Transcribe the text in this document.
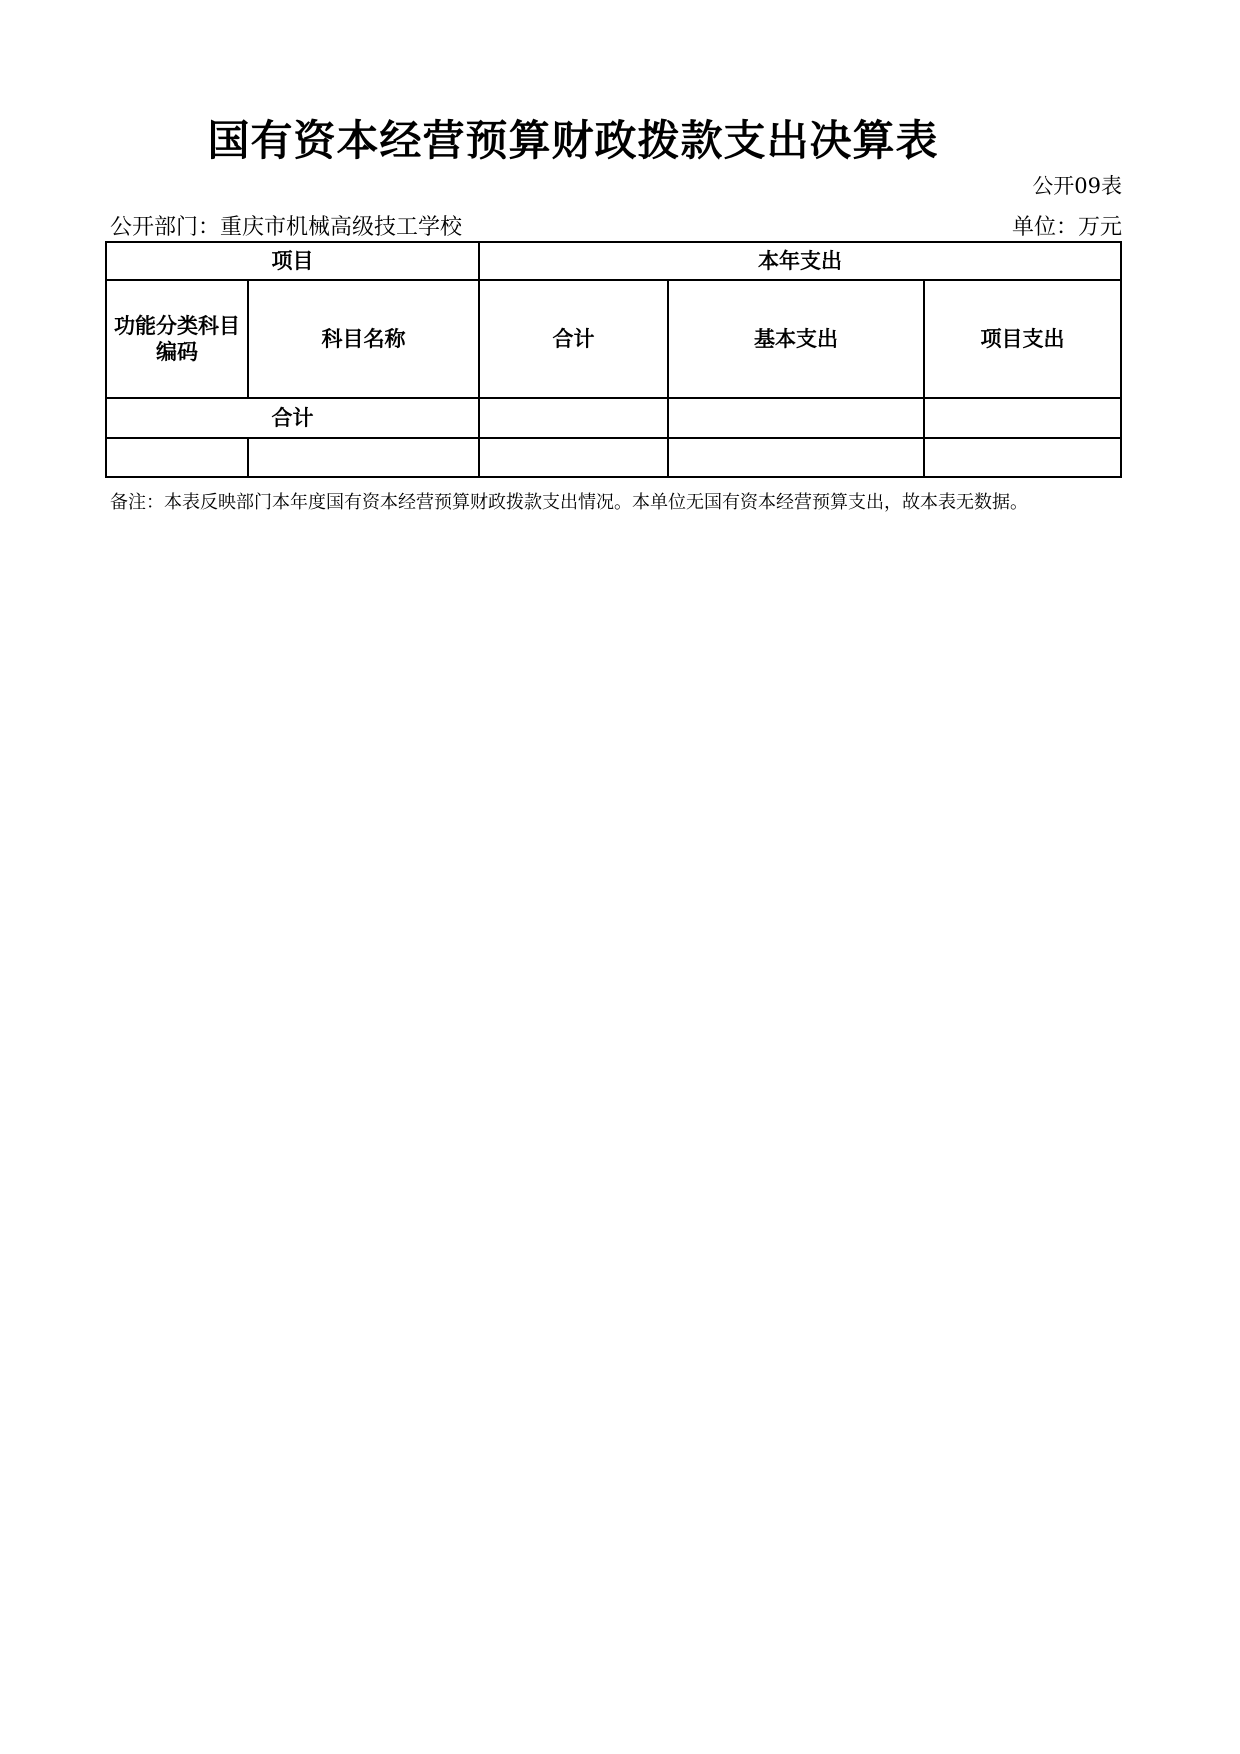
国有资本经营预算财政拨款支出决算表
公开09表
公开部门：重庆市机械高级技工学校	单位：万元
项目		本年支出		
功能分类科目编码	科目名称	合计	基本支出	项目支出
合计				

备注：本表反映部门本年度国有资本经营预算财政拨款支出情况。本单位无国有资本经营预算支出，故本表无数据。
